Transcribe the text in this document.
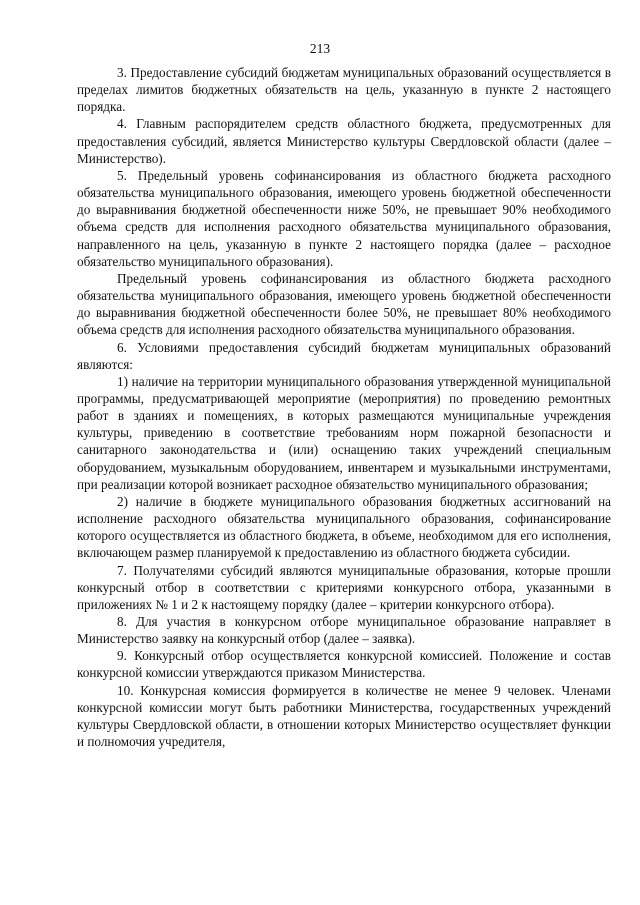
213

3. Предоставление субсидий бюджетам муниципальных образований осуществляется в пределах лимитов бюджетных обязательств на цель, указанную в пункте 2 настоящего порядка.

4. Главным распорядителем средств областного бюджета, предусмотренных для предоставления субсидий, является Министерство культуры Свердловской области (далее – Министерство).

5. Предельный уровень софинансирования из областного бюджета расходного обязательства муниципального образования, имеющего уровень бюджетной обеспеченности до выравнивания бюджетной обеспеченности ниже 50%, не превышает 90% необходимого объема средств для исполнения расходного обязательства муниципального образования, направленного на цель, указанную в пункте 2 настоящего порядка (далее – расходное обязательство муниципального образования).

Предельный уровень софинансирования из областного бюджета расходного обязательства муниципального образования, имеющего уровень бюджетной обеспеченности до выравнивания бюджетной обеспеченности более 50%, не превышает 80% необходимого объема средств для исполнения расходного обязательства муниципального образования.

6. Условиями предоставления субсидий бюджетам муниципальных образований являются:

1) наличие на территории муниципального образования утвержденной муниципальной программы, предусматривающей мероприятие (мероприятия) по проведению ремонтных работ в зданиях и помещениях, в которых размещаются муниципальные учреждения культуры, приведению в соответствие требованиям норм пожарной безопасности и санитарного законодательства и (или) оснащению таких учреждений специальным оборудованием, музыкальным оборудованием, инвентарем и музыкальными инструментами, при реализации которой возникает расходное обязательство муниципального образования;

2) наличие в бюджете муниципального образования бюджетных ассигнований на исполнение расходного обязательства муниципального образования, софинансирование которого осуществляется из областного бюджета, в объеме, необходимом для его исполнения, включающем размер планируемой к предоставлению из областного бюджета субсидии.

7. Получателями субсидий являются муниципальные образования, которые прошли конкурсный отбор в соответствии с критериями конкурсного отбора, указанными в приложениях № 1 и 2 к настоящему порядку (далее – критерии конкурсного отбора).

8. Для участия в конкурсном отборе муниципальное образование направляет в Министерство заявку на конкурсный отбор (далее – заявка).

9. Конкурсный отбор осуществляется конкурсной комиссией. Положение и состав конкурсной комиссии утверждаются приказом Министерства.

10. Конкурсная комиссия формируется в количестве не менее 9 человек. Членами конкурсной комиссии могут быть работники Министерства, государственных учреждений культуры Свердловской области, в отношении которых Министерство осуществляет функции и полномочия учредителя,
